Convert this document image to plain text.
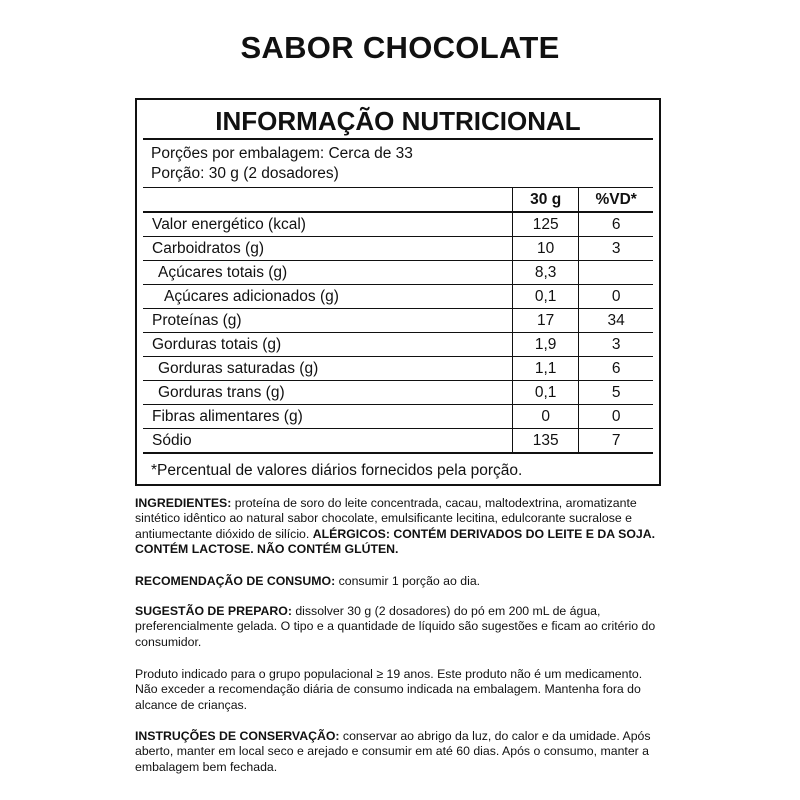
SABOR CHOCOLATE
INFORMAÇÃO NUTRICIONAL
Porções por embalagem: Cerca de 33
Porção: 30 g (2 dosadores)
	30 g	%VD*
Valor energético (kcal)	125	6
Carboidratos (g)	10	3
Açúcares totais (g)	8,3	
Açúcares adicionados (g)	0,1	0
Proteínas (g)	17	34
Gorduras totais (g)	1,9	3
Gorduras saturadas (g)	1,1	6
Gorduras trans (g)	0,1	5
Fibras alimentares (g)	0	0
Sódio	135	7
*Percentual de valores diários fornecidos pela porção.
INGREDIENTES: proteína de soro do leite concentrada, cacau, maltodextrina, aromatizante sintético idêntico ao natural sabor chocolate, emulsificante lecitina, edulcorante sucralose e antiumectante dióxido de silício. ALÉRGICOS: CONTÉM DERIVADOS DO LEITE E DA SOJA. CONTÉM LACTOSE. NÃO CONTÉM GLÚTEN.
RECOMENDAÇÃO DE CONSUMO: consumir 1 porção ao dia.
SUGESTÃO DE PREPARO: dissolver 30 g (2 dosadores) do pó em 200 mL de água, preferencialmente gelada. O tipo e a quantidade de líquido são sugestões e ficam ao critério do consumidor.
Produto indicado para o grupo populacional ≥ 19 anos. Este produto não é um medicamento. Não exceder a recomendação diária de consumo indicada na embalagem. Mantenha fora do alcance de crianças.
INSTRUÇÕES DE CONSERVAÇÃO: conservar ao abrigo da luz, do calor e da umidade. Após aberto, manter em local seco e arejado e consumir em até 60 dias. Após o consumo, manter a embalagem bem fechada.
